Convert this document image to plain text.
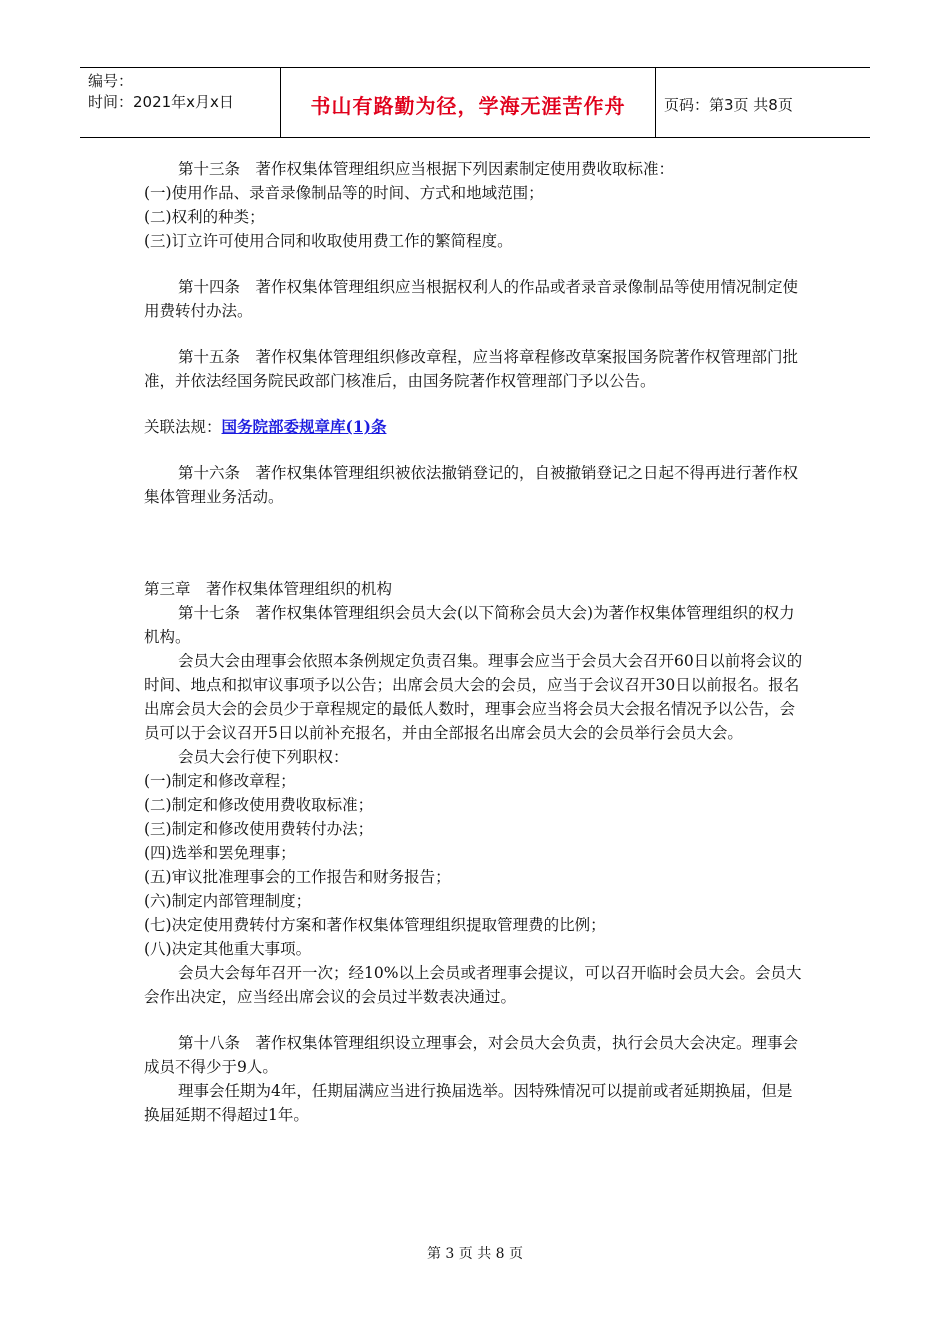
编号：
时间：2021年x月x日	书山有路勤为径，学海无涯苦作舟	页码：第3页 共8页

第十三条　著作权集体管理组织应当根据下列因素制定使用费收取标准：

(一)使用作品、录音录像制品等的时间、方式和地域范围；

(二)权利的种类；

(三)订立许可使用合同和收取使用费工作的繁简程度。

第十四条　著作权集体管理组织应当根据权利人的作品或者录音录像制品等使用情况制定使用费转付办法。

第十五条　著作权集体管理组织修改章程，应当将章程修改草案报国务院著作权管理部门批准，并依法经国务院民政部门核准后，由国务院著作权管理部门予以公告。

关联法规：国务院部委规章库(1)条

第十六条　著作权集体管理组织被依法撤销登记的，自被撤销登记之日起不得再进行著作权集体管理业务活动。

第三章　著作权集体管理组织的机构

第十七条　著作权集体管理组织会员大会(以下简称会员大会)为著作权集体管理组织的权力机构。

会员大会由理事会依照本条例规定负责召集。理事会应当于会员大会召开60日以前将会议的时间、地点和拟审议事项予以公告；出席会员大会的会员，应当于会议召开30日以前报名。报名出席会员大会的会员少于章程规定的最低人数时，理事会应当将会员大会报名情况予以公告，会员可以于会议召开5日以前补充报名，并由全部报名出席会员大会的会员举行会员大会。

会员大会行使下列职权：

(一)制定和修改章程；

(二)制定和修改使用费收取标准；

(三)制定和修改使用费转付办法；

(四)选举和罢免理事；

(五)审议批准理事会的工作报告和财务报告；

(六)制定内部管理制度；

(七)决定使用费转付方案和著作权集体管理组织提取管理费的比例；

(八)决定其他重大事项。

会员大会每年召开一次；经10%以上会员或者理事会提议，可以召开临时会员大会。会员大会作出决定，应当经出席会议的会员过半数表决通过。

第十八条　著作权集体管理组织设立理事会，对会员大会负责，执行会员大会决定。理事会成员不得少于9人。

理事会任期为4年，任期届满应当进行换届选举。因特殊情况可以提前或者延期换届，但是换届延期不得超过1年。

第 3 页 共 8 页
